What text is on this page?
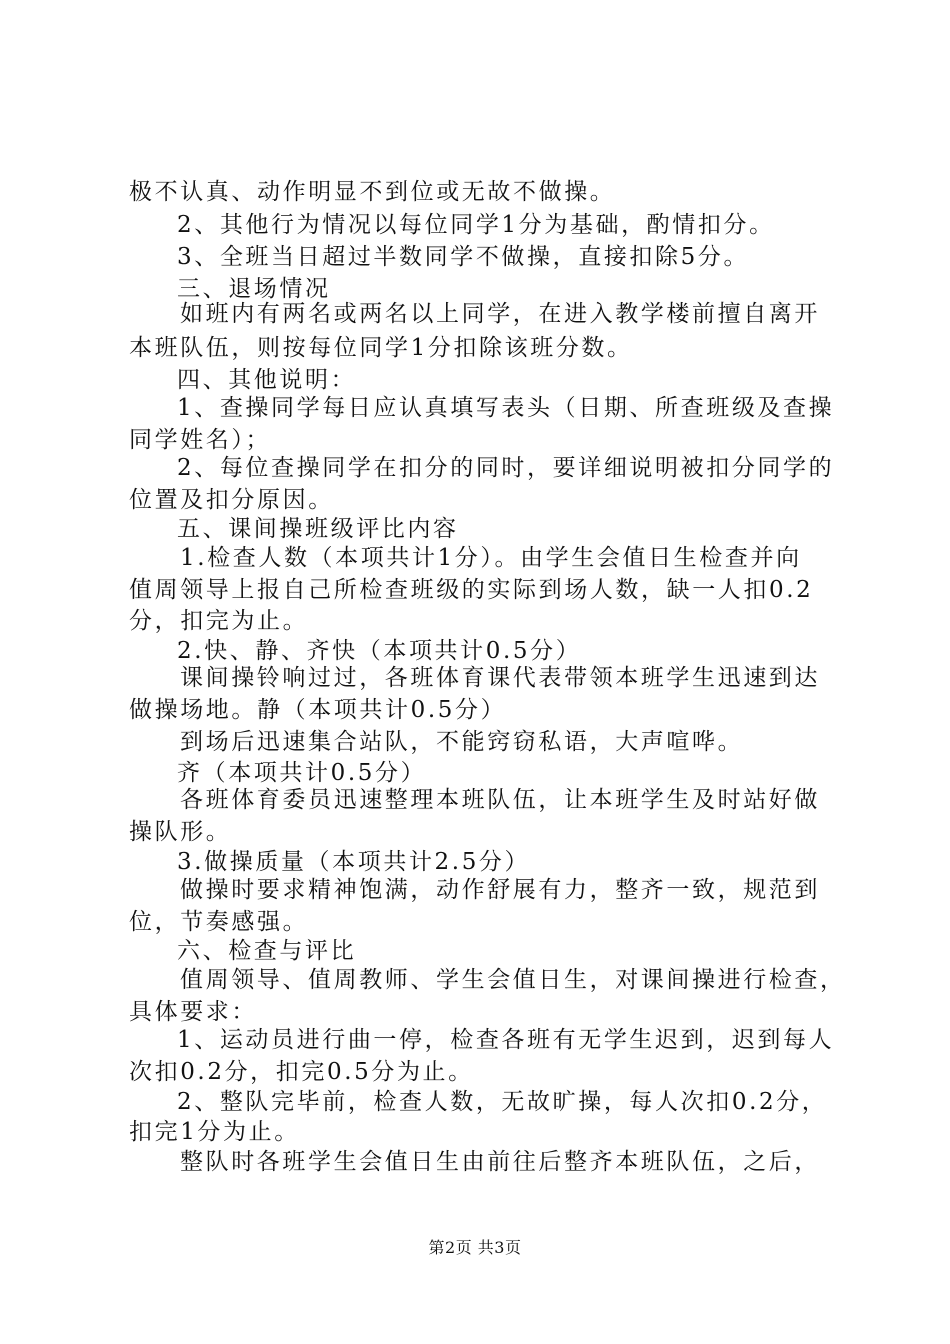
极不认真、动作明显不到位或无故不做操。
2、其他行为情况以每位同学1分为基础，酌情扣分。
3、全班当日超过半数同学不做操，直接扣除5分。
三、退场情况
如班内有两名或两名以上同学，在进入教学楼前擅自离开
本班队伍，则按每位同学1分扣除该班分数。
四、其他说明：
1、查操同学每日应认真填写表头（日期、所查班级及查操
同学姓名）；
2、每位查操同学在扣分的同时，要详细说明被扣分同学的
位置及扣分原因。
五、课间操班级评比内容
1.检查人数（本项共计1分）。由学生会值日生检查并向
值周领导上报自己所检查班级的实际到场人数，缺一人扣0.2
分，扣完为止。
2.快、静、齐快（本项共计0.5分）
课间操铃响过过，各班体育课代表带领本班学生迅速到达
做操场地。静（本项共计0.5分）
到场后迅速集合站队，不能窍窃私语，大声喧哗。
齐（本项共计0.5分）
各班体育委员迅速整理本班队伍，让本班学生及时站好做
操队形。
3.做操质量（本项共计2.5分）
做操时要求精神饱满，动作舒展有力，整齐一致，规范到
位，节奏感强。
六、检查与评比
值周领导、值周教师、学生会值日生，对课间操进行检查，
具体要求：
1、运动员进行曲一停，检查各班有无学生迟到，迟到每人
次扣0.2分，扣完0.5分为止。
2、整队完毕前，检查人数，无故旷操，每人次扣0.2分，
扣完1分为止。
整队时各班学生会值日生由前往后整齐本班队伍，之后，
第2页 共3页
